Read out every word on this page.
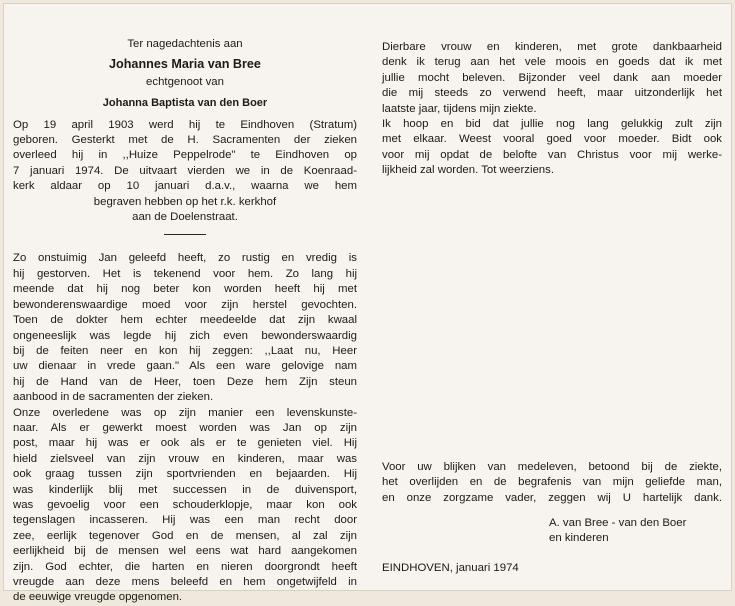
Ter nagedachtenis aan
Johannes Maria van Bree
echtgenoot van
Johanna Baptista van den Boer
Op 19 april 1903 werd hij te Eindhoven (Stratum)
geboren. Gesterkt met de H. Sacramenten der zieken
overleed hij in ,,Huize Peppelrode" te Eindhoven op
7 januari 1974. De uitvaart vierden we in de Koenraad-
kerk aldaar op 10 januari d.a.v., waarna we hem
begraven hebben op het r.k. kerkhof
aan de Doelenstraat.
Zo onstuimig Jan geleefd heeft, zo rustig en vredig is
hij gestorven. Het is tekenend voor hem. Zo lang hij
meende dat hij nog beter kon worden heeft hij met
bewonderenswaardige moed voor zijn herstel gevochten.
Toen de dokter hem echter meedeelde dat zijn kwaal
ongeneeslijk was legde hij zich even bewonderswaardig
bij de feiten neer en kon hij zeggen: ,,Laat nu, Heer
uw dienaar in vrede gaan." Als een ware gelovige nam
hij de Hand van de Heer, toen Deze hem Zijn steun
aanbood in de sacramenten der zieken.
Onze overledene was op zijn manier een levenskunste-
naar. Als er gewerkt moest worden was Jan op zijn
post, maar hij was er ook als er te genieten viel. Hij
hield zielsveel van zijn vrouw en kinderen, maar was
ook graag tussen zijn sportvrienden en bejaarden. Hij
was kinderlijk blij met successen in de duivensport,
was gevoelig voor een schouderklopje, maar kon ook
tegenslagen incasseren. Hij was een man recht door
zee, eerlijk tegenover God en de mensen, al zal zijn
eerlijkheid bij de mensen wel eens wat hard aangekomen
zijn. God echter, die harten en nieren doorgrondt heeft
vreugde aan deze mens beleefd en hem ongetwijfeld in
de eeuwige vreugde opgenomen.
Dierbare vrouw en kinderen, met grote dankbaarheid
denk ik terug aan het vele moois en goeds dat ik met
jullie mocht beleven. Bijzonder veel dank aan moeder
die mij steeds zo verwend heeft, maar uitzonderlijk het
laatste jaar, tijdens mijn ziekte.
Ik hoop en bid dat jullie nog lang gelukkig zult zijn
met elkaar. Weest vooral goed voor moeder. Bidt ook
voor mij opdat de belofte van Christus voor mij werke-
lijkheid zal worden. Tot weerziens.
Voor uw blijken van medeleven, betoond bij de ziekte,
het overlijden en de begrafenis van mijn geliefde man,
en onze zorgzame vader, zeggen wij U hartelijk dank.
A. van Bree - van den Boer
en kinderen
EINDHOVEN, januari 1974
